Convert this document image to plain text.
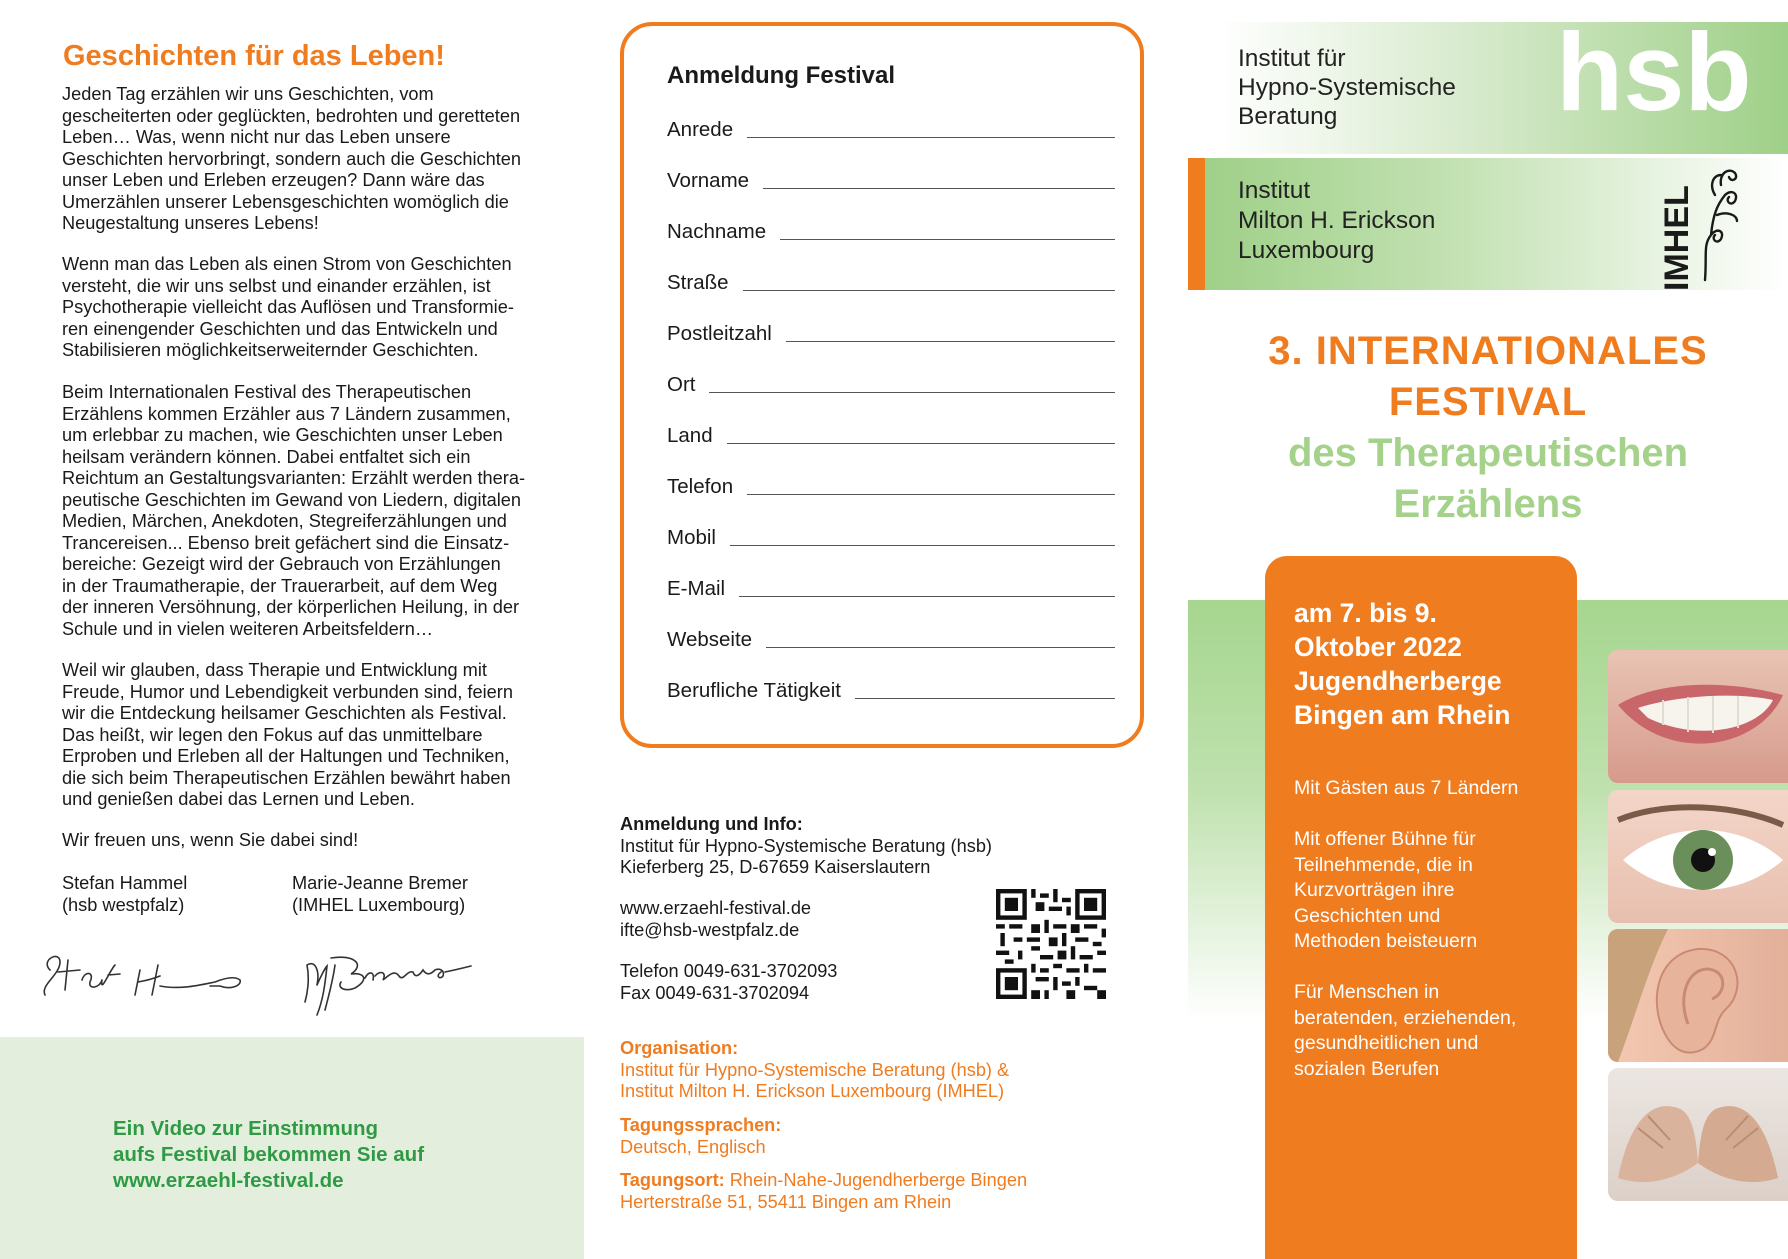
Geschichten für das Leben!
Jeden Tag erzählen wir uns Geschichten, vom
gescheiterten oder geglückten, bedrohten und geretteten
Leben… Was, wenn nicht nur das Leben unsere
Geschichten hervorbringt, sondern auch die Geschichten
unser Leben und Erleben erzeugen? Dann wäre das
Umerzählen unserer Lebensgeschichten womöglich die
Neugestaltung unseres Lebens!
Wenn man das Leben als einen Strom von Geschichten
versteht, die wir uns selbst und einander erzählen, ist
Psychotherapie vielleicht das Auflösen und Transformie-
ren einengender Geschichten und das Entwickeln und
Stabilisieren möglichkeitserweiternder Geschichten.
Beim Internationalen Festival des Therapeutischen
Erzählens kommen Erzähler aus 7 Ländern zusammen,
um erlebbar zu machen, wie Geschichten unser Leben
heilsam verändern können. Dabei entfaltet sich ein
Reichtum an Gestaltungsvarianten: Erzählt werden thera-
peutische Geschichten im Gewand von Liedern, digitalen
Medien, Märchen, Anekdoten, Stegreiferzählungen und
Trancereisen... Ebenso breit gefächert sind die Einsatz-
bereiche: Gezeigt wird der Gebrauch von Erzählungen
in der Traumatherapie, der Trauerarbeit, auf dem Weg
der inneren Versöhnung, der körperlichen Heilung, in der
Schule und in vielen weiteren Arbeitsfeldern…
Weil wir glauben, dass Therapie und Entwicklung mit
Freude, Humor und Lebendigkeit verbunden sind, feiern
wir die Entdeckung heilsamer Geschichten als Festival.
Das heißt, wir legen den Fokus auf das unmittelbare
Erproben und Erleben all der Haltungen und Techniken,
die sich beim Therapeutischen Erzählen bewährt haben
und genießen dabei das Lernen und Leben.
Wir freuen uns, wenn Sie dabei sind!
Stefan Hammel
(hsb westpfalz)
Marie-Jeanne Bremer
(IMHEL Luxembourg)
Ein Video zur Einstimmung
aufs Festival bekommen Sie auf
www.erzaehl-festival.de
Anmeldung Festival
Anrede
Vorname
Nachname
Straße
Postleitzahl
Ort
Land
Telefon
Mobil
E-Mail
Webseite
Berufliche Tätigkeit
Anmeldung und Info:
Institut für Hypno-Systemische Beratung (hsb)
Kieferberg 25, D-67659 Kaiserslautern
www.erzaehl-festival.de
ifte@hsb-westpfalz.de
Telefon 0049-631-3702093
Fax 0049-631-3702094
Organisation:
Institut für Hypno-Systemische Beratung (hsb) &
Institut Milton H. Erickson Luxembourg (IMHEL)
Tagungssprachen:
Deutsch, Englisch
Tagungsort: Rhein-Nahe-Jugendherberge Bingen
Herterstraße 51, 55411 Bingen am Rhein
Institut für
Hypno-Systemische
Beratung	hsb
Institut
Milton H. Erickson
Luxembourg	IMHEL
3. INTERNATIONALES
FESTIVAL
des Therapeutischen
Erzählens
am 7. bis 9.
Oktober 2022
Jugendherberge
Bingen am Rhein
Mit Gästen aus 7 Ländern
Mit offener Bühne für
Teilnehmende, die in
Kurzvorträgen ihre
Geschichten und
Methoden beisteuern
Für Menschen in
beratenden, erziehenden,
gesundheitlichen und
sozialen Berufen
